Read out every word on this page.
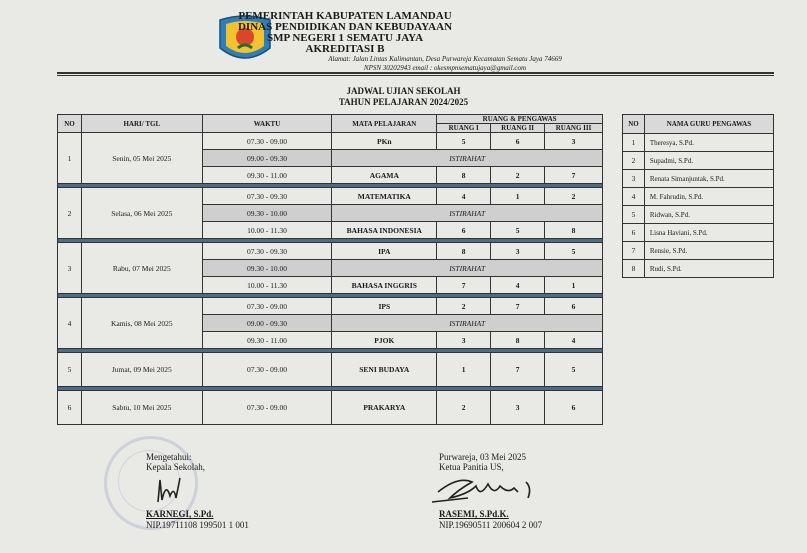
PEMERINTAH KABUPATEN LAMANDAU
DINAS PENDIDIKAN DAN KEBUDAYAAN
SMP NEGERI 1 SEMATU JAYA
AKREDITASI B
Alamat: Jalan Lintas Kalimantan, Desa Purwareja Kecamatan Sematu Jaya 74669
NPSN 30202943 email : okesmpnsematujaya@gmail.com
JADWAL UJIAN SEKOLAH
TAHUN PELAJARAN 2024/2025
NO	HARI/ TGL	WAKTU	MATA PELAJARAN	RUANG & PENGAWAS		
				RUANG I	RUANG II	RUANG III
1	Senin, 05 Mei 2025	07.30 - 09.00	PKn	5	6	3
		09.00 - 09.30	ISTIRAHAT			
		09.30 - 11.00	AGAMA	8	2	7

2	Selasa, 06 Mei 2025	07.30 - 09.30	MATEMATIKA	4	1	2
		09.30 - 10.00	ISTIRAHAT			
		10.00 - 11.30	BAHASA INDONESIA	6	5	8

3	Rabu, 07 Mei 2025	07.30 - 09.30	IPA	8	3	5
		09.30 - 10.00	ISTIRAHAT			
		10.00 - 11.30	BAHASA INGGRIS	7	4	1

4	Kamis, 08 Mei 2025	07.30 - 09.00	IPS	2	7	6
		09.00 - 09.30	ISTIRAHAT			
		09.30 - 11.00	PJOK	3	8	4

5	Jumat, 09 Mei 2025	07.30 - 09.00	SENI BUDAYA	1	7	5

6	Sabtu, 10 Mei 2025	07.30 - 09.00	PRAKARYA	2	3	6
NO	NAMA GURU PENGAWAS
1	Theresya, S.Pd.
2	Supadmi, S.Pd.
3	Renata Simanjuntak, S.Pd.
4	M. Fahrudin, S.Pd.
5	Ridwan, S.Pd.
6	Lisna Haviani, S.Pd.
7	Rensie, S.Pd.
8	Rudi, S.Pd.
Mengetahui:
Kepala Sekolah,
KARNEGI, S.Pd.
NIP.19711108 199501 1 001
Purwareja, 03 Mei 2025
Ketua Panitia US,
RASEMI, S.Pd.K.
NIP.19690511 200604 2 007
